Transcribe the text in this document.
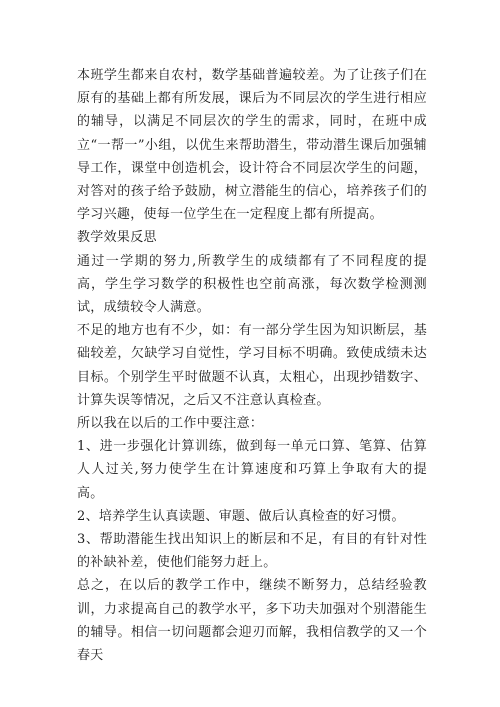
本班学生都来自农村，数学基础普遍较差。为了让孩子们在原有的基础上都有所发展，课后为不同层次的学生进行相应的辅导，以满足不同层次的学生的需求，同时，在班中成立“一帮一”小组，以优生来帮助潜生，带动潜生课后加强辅导工作，课堂中创造机会，设计符合不同层次学生的问题，对答对的孩子给予鼓励，树立潜能生的信心，培养孩子们的学习兴趣，使每一位学生在一定程度上都有所提高。

教学效果反思

通过一学期的努力,所教学生的成绩都有了不同程度的提高，学生学习数学的积极性也空前高涨，每次数学检测测试，成绩较令人满意。

不足的地方也有不少，如：有一部分学生因为知识断层，基础较差，欠缺学习自觉性，学习目标不明确。致使成绩未达目标。个别学生平时做题不认真，太粗心，出现抄错数字、计算失误等情况，之后又不注意认真检查。

所以我在以后的工作中要注意：

1、进一步强化计算训练，做到每一单元口算、笔算、估算人人过关,努力使学生在计算速度和巧算上争取有大的提高。

2、培养学生认真读题、审题、做后认真检查的好习惯。

3、帮助潜能生找出知识上的断层和不足，有目的有针对性的补缺补差，使他们能努力赶上。

总之，在以后的教学工作中，继续不断努力，总结经验教训，力求提高自己的教学水平，多下功夫加强对个别潜能生的辅导。相信一切问题都会迎刃而解，我相信教学的又一个春天
